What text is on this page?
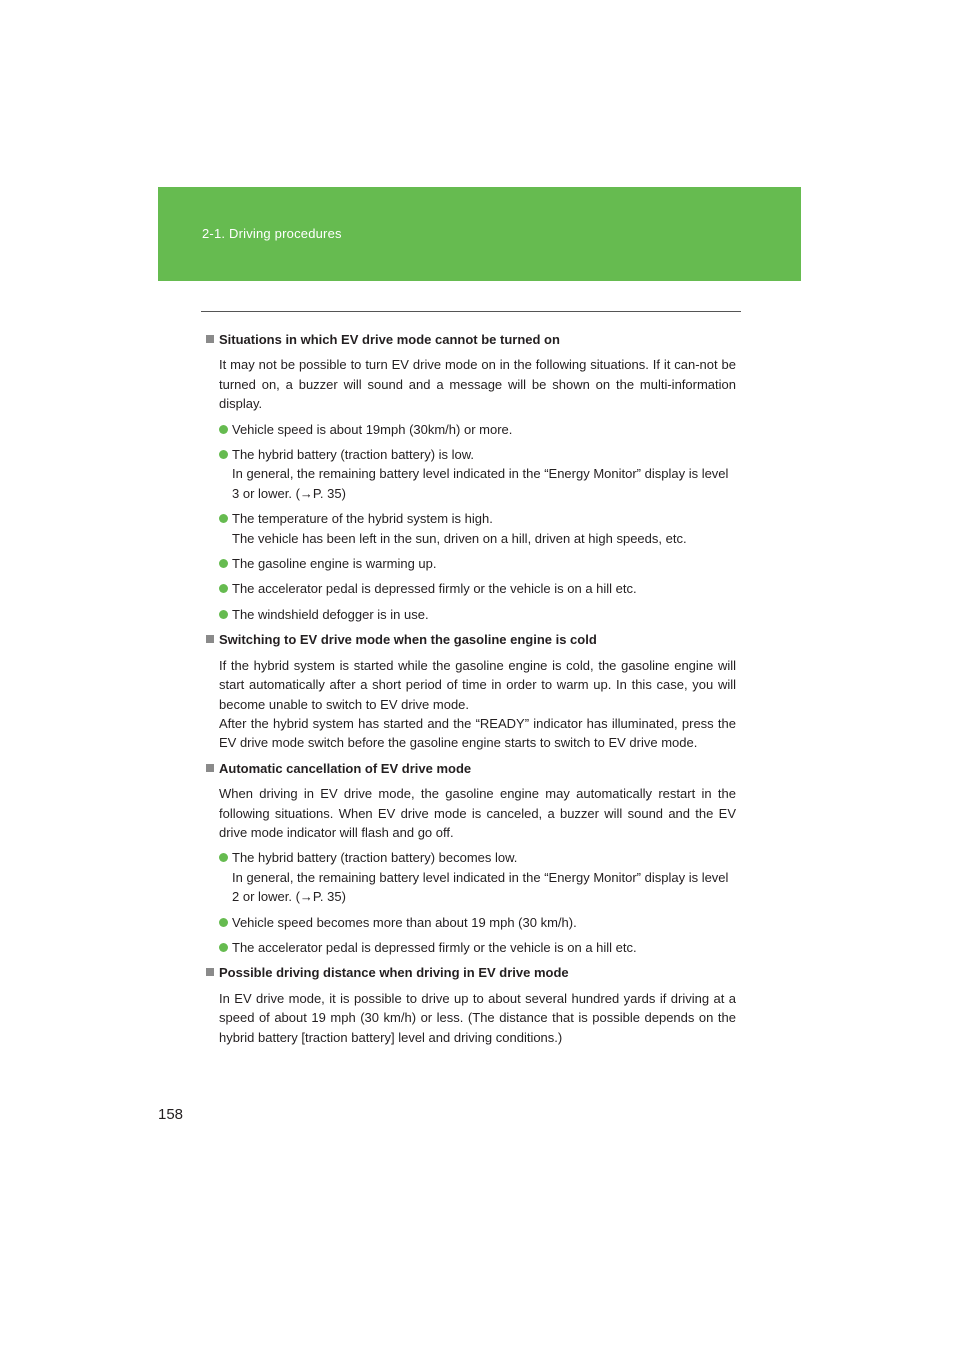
2-1. Driving procedures
Situations in which EV drive mode cannot be turned on

It may not be possible to turn EV drive mode on in the following situations. If it can-not be turned on, a buzzer will sound and a message will be shown on the multi-information display.

Vehicle speed is about 19mph (30km/h) or more.
The hybrid battery (traction battery) is low.
In general, the remaining battery level indicated in the “Energy Monitor” display is level 3 or lower. (→P. 35)
The temperature of the hybrid system is high.
The vehicle has been left in the sun, driven on a hill, driven at high speeds, etc.
The gasoline engine is warming up.
The accelerator pedal is depressed firmly or the vehicle is on a hill etc.
The windshield defogger is in use.
Switching to EV drive mode when the gasoline engine is cold

If the hybrid system is started while the gasoline engine is cold, the gasoline engine will start automatically after a short period of time in order to warm up. In this case, you will become unable to switch to EV drive mode.

After the hybrid system has started and the “READY” indicator has illuminated, press the EV drive mode switch before the gasoline engine starts to switch to EV drive mode.

Automatic cancellation of EV drive mode

When driving in EV drive mode, the gasoline engine may automatically restart in the following situations. When EV drive mode is canceled, a buzzer will sound and the EV drive mode indicator will flash and go off.

The hybrid battery (traction battery) becomes low.
In general, the remaining battery level indicated in the “Energy Monitor” display is level 2 or lower. (→P. 35)
Vehicle speed becomes more than about 19 mph (30 km/h).
The accelerator pedal is depressed firmly or the vehicle is on a hill etc.
Possible driving distance when driving in EV drive mode

In EV drive mode, it is possible to drive up to about several hundred yards if driving at a speed of about 19 mph (30 km/h) or less. (The distance that is possible depends on the hybrid battery [traction battery] level and driving conditions.)

158
